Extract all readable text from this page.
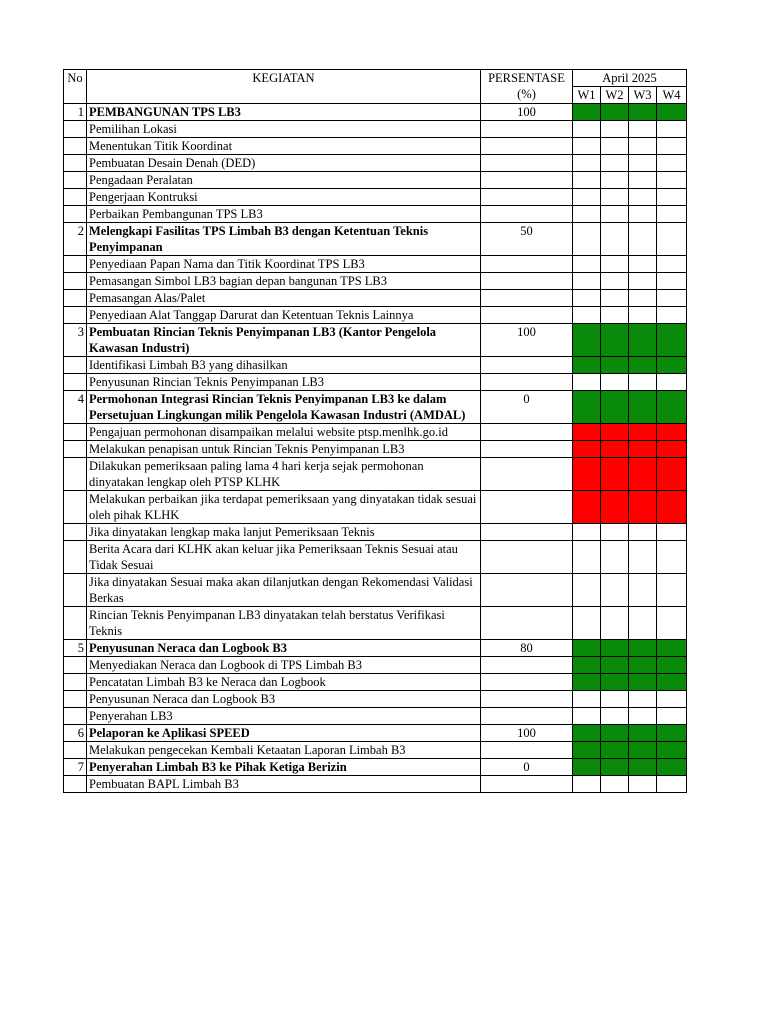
No	KEGIATAN	PERSENTASE (%)	April 2025			
			W1	W2	W3	W4
1	PEMBANGUNAN TPS LB3	100				
	Pemilihan Lokasi					
	Menentukan Titik Koordinat					
	Pembuatan Desain Denah (DED)					
	Pengadaan Peralatan					
	Pengerjaan Kontruksi					
	Perbaikan Pembangunan TPS LB3					
2	Melengkapi Fasilitas TPS Limbah B3 dengan Ketentuan Teknis Penyimpanan	50				
	Penyediaan Papan Nama dan Titik Koordinat TPS LB3					
	Pemasangan Simbol LB3 bagian depan bangunan TPS LB3					
	Pemasangan Alas/Palet					
	Penyediaan Alat Tanggap Darurat dan Ketentuan Teknis Lainnya					
3	Pembuatan Rincian Teknis Penyimpanan LB3 (Kantor Pengelola Kawasan Industri)	100				
	Identifikasi Limbah B3 yang dihasilkan					
	Penyusunan Rincian Teknis Penyimpanan LB3					
4	Permohonan Integrasi Rincian Teknis Penyimpanan LB3 ke dalam Persetujuan Lingkungan milik Pengelola Kawasan Industri (AMDAL)	0				
	Pengajuan permohonan disampaikan melalui website ptsp.menlhk.go.id					
	Melakukan penapisan untuk Rincian Teknis Penyimpanan LB3					
	Dilakukan pemeriksaan paling lama 4 hari kerja sejak permohonan dinyatakan lengkap oleh PTSP KLHK					
	Melakukan perbaikan jika terdapat pemeriksaan yang dinyatakan tidak sesuai oleh pihak KLHK					
	Jika dinyatakan lengkap maka lanjut Pemeriksaan Teknis					
	Berita Acara dari KLHK akan keluar jika Pemeriksaan Teknis Sesuai atau Tidak Sesuai					
	Jika dinyatakan Sesuai maka akan dilanjutkan dengan Rekomendasi Validasi Berkas					
	Rincian Teknis Penyimpanan LB3 dinyatakan telah berstatus Verifikasi Teknis					
5	Penyusunan Neraca dan Logbook B3	80				
	Menyediakan Neraca dan Logbook di TPS Limbah B3					
	Pencatatan Limbah B3 ke Neraca dan Logbook					
	Penyusunan Neraca dan Logbook B3					
	Penyerahan LB3					
6	Pelaporan ke Aplikasi SPEED	100				
	Melakukan pengecekan Kembali Ketaatan Laporan Limbah B3					
7	Penyerahan Limbah B3 ke Pihak Ketiga Berizin	0				
	Pembuatan BAPL Limbah B3					
